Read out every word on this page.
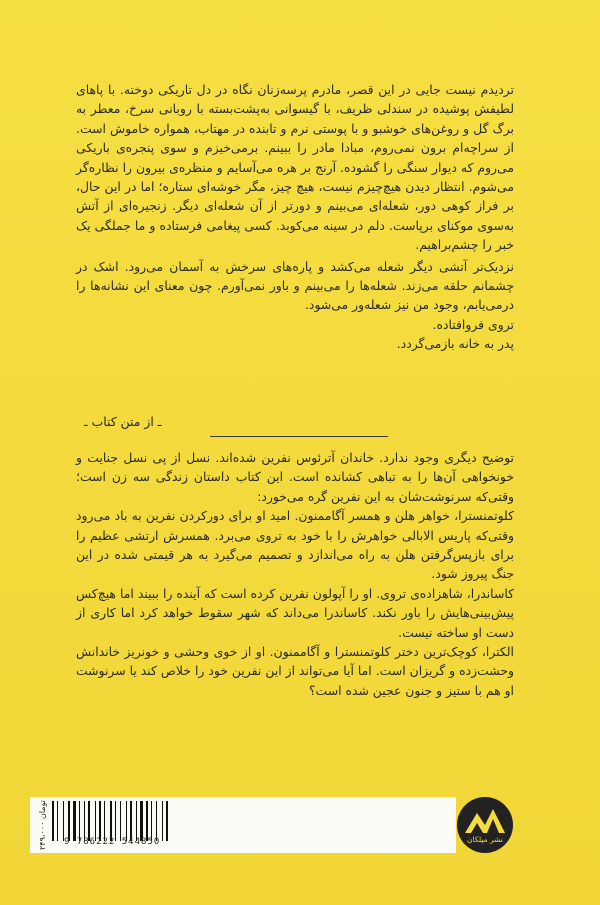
تردیدم نیست جایی در این قصر، مادرم پرسه‌زنان نگاه در دل تاریکی دوخته. با پاهای لطیفش پوشیده در سندلی ظریف، با گیسوانی به‌پشت‌بسته با روبانی سرخ، معطر به برگ گل و روغن‌های خوشبو و با پوستی نرم و تابنده در مهتاب، همواره خاموش است. از سراچه‌ام برون نمی‌روم، مبادا مادر را ببینم. برمی‌خیزم و سوی پنجره‌ی باریکی می‌روم که دیوار سنگی را گشوده. آرنج بر هره می‌آسایم و منظره‌ی بیرون را نظاره‌گر می‌شوم. انتظار دیدن هیچ‌چیزم نیست، هیچ چیز، مگر خوشه‌ای ستاره؛ اما در این حال، بر فراز کوهی دور، شعله‌ای می‌بینم و دورتر از آن شعله‌ای دیگر. زنجیره‌ای از آتش به‌سوی موکنای برپاست. دلم در سینه می‌کوبد. کسی پیغامی فرستاده و ما جملگی یک خبر را چشم‌براهیم.

نزدیک‌تر آتشی دیگر شعله می‌کشد و پاره‌های سرخش به آسمان می‌رود. اشک در چشمانم حلقه می‌زند. شعله‌ها را می‌بینم و باور نمی‌آورم. چون معنای این نشانه‌ها را درمی‌یابم، وجود من نیز شعله‌ور می‌شود.

تروی فروافتاده.

پدر به خانه بازمی‌گردد.

ـ از متن کتاب ـ

توضیح دیگری وجود ندارد. خاندان آترئوس نفرین شده‌اند. نسل از پی نسل جنایت و خونخواهی آن‌ها را به تباهی کشانده است. این کتاب داستان زندگی سه زن است؛ وقتی‌که سرنوشت‌شان به این نفرین گره می‌خورد:

کلوتمنسترا، خواهر هلن و همسر آگاممنون. امید او برای دورکردن نفرین به باد می‌رود وقتی‌که پاریس الابالی خواهرش را با خود به تروی می‌برد. همسرش ارتشی عظیم را برای بازپس‌گرفتن هلن به راه می‌اندازد و تصمیم می‌گیرد به هر قیمتی شده در این جنگ پیروز شود.

کاساندرا، شاهزاده‌ی تروی. او را آپولون نفرین کرده است که آینده را ببیند اما هیچ‌کس پیش‌بینی‌هایش را باور نکند. کاساندرا می‌داند که شهر سقوط خواهد کرد اما کاری از دست او ساخته نیست.

الکترا، کوچک‌ترین دختر کلوتمنسترا و آگاممنون. او از خوی وحشی و خونریز خاندانش وحشت‌زده و گریزان است. اما آیا می‌تواند از این نفرین خود را خلاص کند یا سرنوشت او هم با ستیز و جنون عجین شده است؟

۲۴۹،۰۰۰ تومان
9 786222 544850	نشر میلکان
